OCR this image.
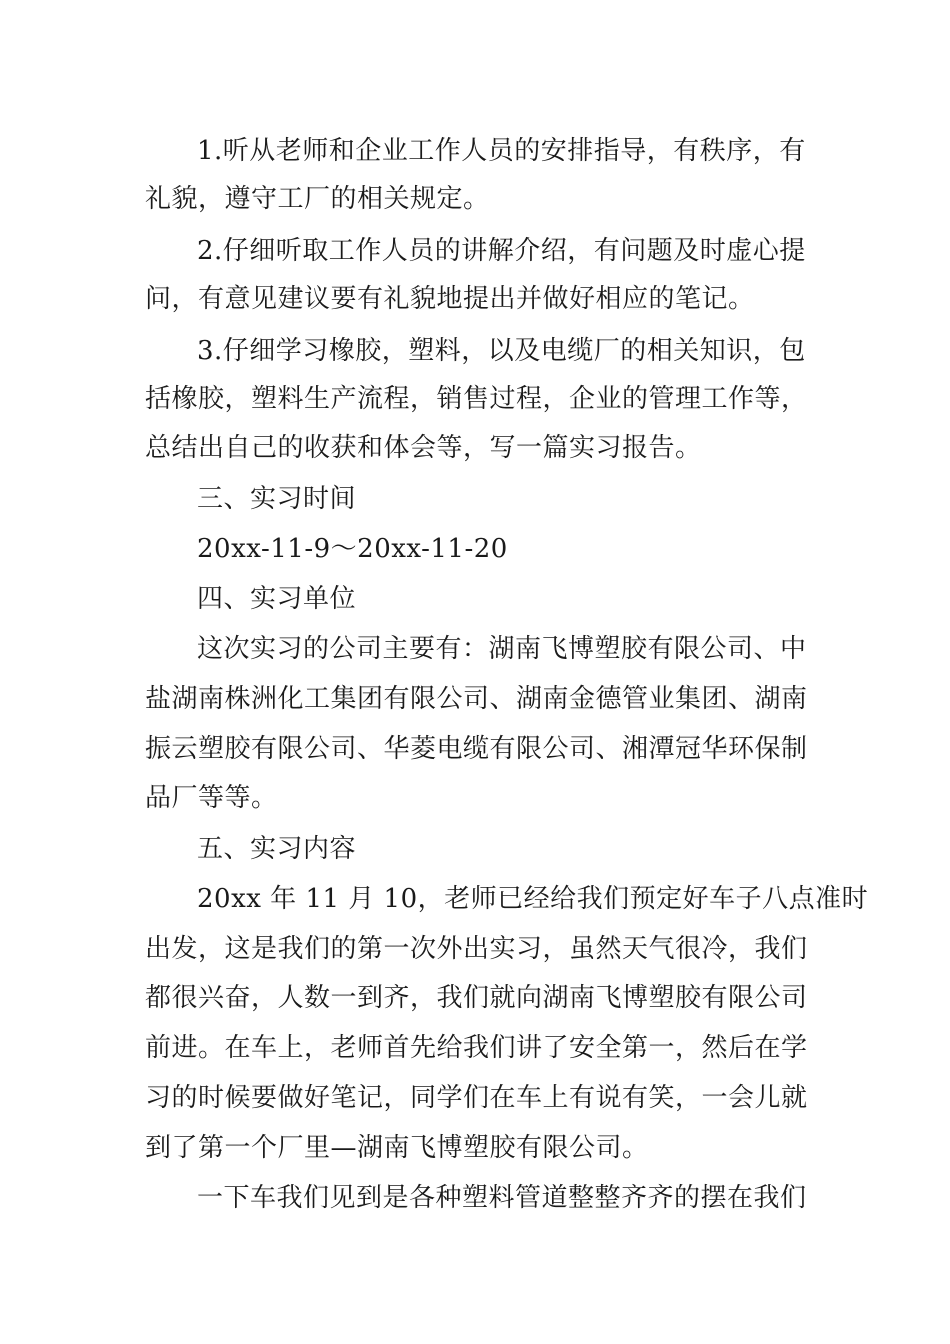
1.听从老师和企业工作人员的安排指导，有秩序，有
礼貌，遵守工厂的相关规定。
2.仔细听取工作人员的讲解介绍，有问题及时虚心提
问，有意见建议要有礼貌地提出并做好相应的笔记。
3.仔细学习橡胶，塑料，以及电缆厂的相关知识，包
括橡胶，塑料生产流程，销售过程，企业的管理工作等，
总结出自己的收获和体会等，写一篇实习报告。
三、实习时间
20xx-11-9～20xx-11-20
四、实习单位
这次实习的公司主要有：湖南飞博塑胶有限公司、中
盐湖南株洲化工集团有限公司、湖南金德管业集团、湖南
振云塑胶有限公司、华菱电缆有限公司、湘潭冠华环保制
品厂等等。
五、实习内容
20xx 年 11 月 10，老师已经给我们预定好车子八点准时
出发，这是我们的第一次外出实习，虽然天气很冷，我们
都很兴奋，人数一到齐，我们就向湖南飞博塑胶有限公司
前进。在车上，老师首先给我们讲了安全第一，然后在学
习的时候要做好笔记，同学们在车上有说有笑，一会儿就
到了第一个厂里—湖南飞博塑胶有限公司。
一下车我们见到是各种塑料管道整整齐齐的摆在我们
